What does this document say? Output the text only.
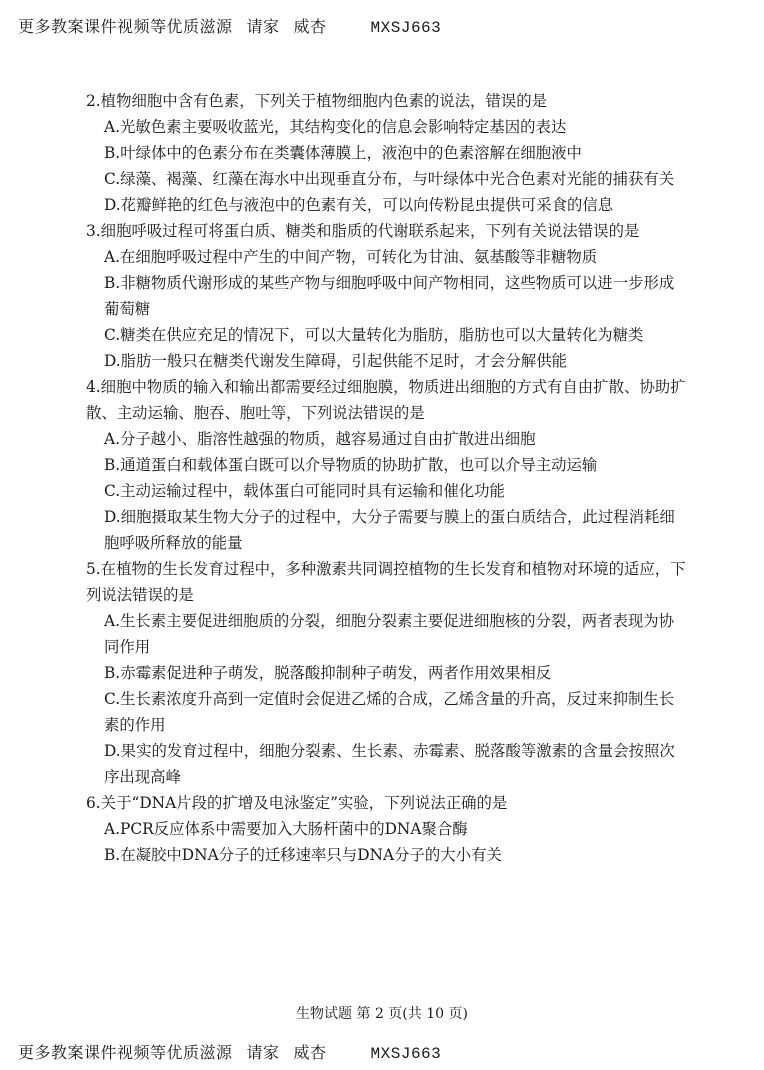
更多教案课件视频等优质滋源 请家 威杏	MXSJ663
2.植物细胞中含有色素，下列关于植物细胞内色素的说法，错误的是
A.光敏色素主要吸收蓝光，其结构变化的信息会影响特定基因的表达
B.叶绿体中的色素分布在类囊体薄膜上，液泡中的色素溶解在细胞液中
C.绿藻、褐藻、红藻在海水中出现垂直分布，与叶绿体中光合色素对光能的捕获有关
D.花瓣鲜艳的红色与液泡中的色素有关，可以向传粉昆虫提供可采食的信息
3.细胞呼吸过程可将蛋白质、糖类和脂质的代谢联系起来，下列有关说法错误的是
A.在细胞呼吸过程中产生的中间产物，可转化为甘油、氨基酸等非糖物质
B.非糖物质代谢形成的某些产物与细胞呼吸中间产物相同，这些物质可以进一步形成葡萄糖
C.糖类在供应充足的情况下，可以大量转化为脂肪，脂肪也可以大量转化为糖类
D.脂肪一般只在糖类代谢发生障碍，引起供能不足时，才会分解供能
4.细胞中物质的输入和输出都需要经过细胞膜，物质进出细胞的方式有自由扩散、协助扩散、主动运输、胞吞、胞吐等，下列说法错误的是
A.分子越小、脂溶性越强的物质，越容易通过自由扩散进出细胞
B.通道蛋白和载体蛋白既可以介导物质的协助扩散，也可以介导主动运输
C.主动运输过程中，载体蛋白可能同时具有运输和催化功能
D.细胞摄取某生物大分子的过程中，大分子需要与膜上的蛋白质结合，此过程消耗细胞呼吸所释放的能量
5.在植物的生长发育过程中，多种激素共同调控植物的生长发育和植物对环境的适应，下列说法错误的是
A.生长素主要促进细胞质的分裂，细胞分裂素主要促进细胞核的分裂，两者表现为协同作用
B.赤霉素促进种子萌发，脱落酸抑制种子萌发，两者作用效果相反
C.生长素浓度升高到一定值时会促进乙烯的合成，乙烯含量的升高，反过来抑制生长素的作用
D.果实的发育过程中，细胞分裂素、生长素、赤霉素、脱落酸等激素的含量会按照次序出现高峰
6.关于“DNA片段的扩增及电泳鉴定”实验，下列说法正确的是
A.PCR反应体系中需要加入大肠杆菌中的DNA聚合酶
B.在凝胶中DNA分子的迁移速率只与DNA分子的大小有关
生物试题 第 2 页(共 10 页)
更多教案课件视频等优质滋源 请家 威杏	MXSJ663
